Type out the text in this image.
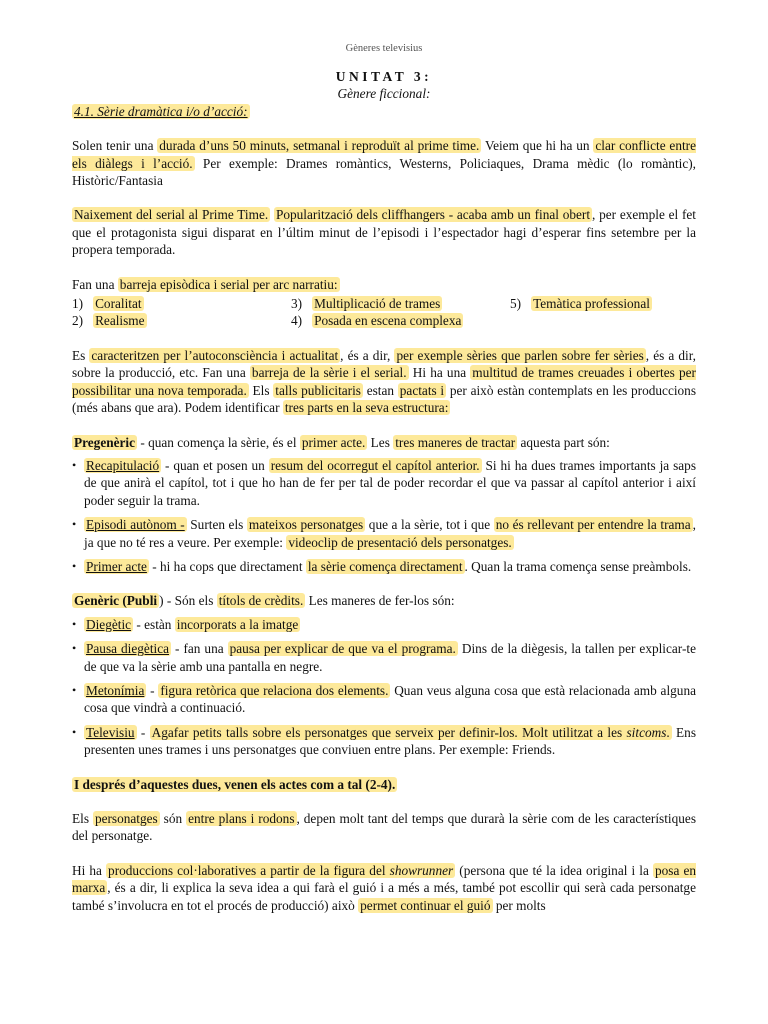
Gèneres televisius
UNITAT 3:
Gènere ficcional:
4.1. Sèrie dramàtica i/o d’acció:

Solen tenir una durada d’uns 50 minuts, setmanal i reproduït al prime time. Veiem que hi ha un clar conflicte entre els diàlegs i l’acció. Per exemple: Drames romàntics, Westerns, Policiaques, Drama mèdic (lo romàntic), Històric/Fantasia

Naixement del serial al Prime Time. Popularització dels cliffhangers - acaba amb un final obert , per exemple el fet que el protagonista sigui disparat en l’últim minut de l’episodi i l’espectador hagi d’esperar fins setembre per la propera temporada.

Fan una barreja episòdica i serial per arc narratiu:

1) Coralitat
2) Realisme
3) Multiplicació de trames
4) Posada en escena complexa
5) Temàtica professional

Es caracteritzen per l’autoconsciència i actualitat , és a dir, per exemple sèries que parlen sobre fer sèries , és a dir, sobre la producció, etc. Fan una barreja de la sèrie i el serial. Hi ha una multitud de trames creuades i obertes per possibilitar una nova temporada. Els talls publicitaris estan pactats i per això estàn contemplats en les produccions (més abans que ara). Podem identificar tres parts en la seva estructura:

Pregenèric - quan comença la sèrie, és el primer acte. Les tres maneres de tractar aquesta part són:

• Recapitulació - quan et posen un resum del ocorregut el capítol anterior. Si hi ha dues trames importants ja saps de que anirà el capítol, tot i que ho han de fer per tal de poder recordar el que va passar al capítol anterior i així poder seguir la trama.
• Episodi autònom - Surten els mateixos personatges que a la sèrie, tot i que no és rellevant per entendre la trama , ja que no té res a veure. Per exemple: videoclip de presentació dels personatges.
• Primer acte - hi ha cops que directament la sèrie comença directament . Quan la trama comença sense preàmbols.

Genèric (Publi ) - Són els títols de crèdits. Les maneres de fer-los són:

• Diegètic - estàn incorporats a la imatge
• Pausa diegètica - fan una pausa per explicar de que va el programa. Dins de la diègesis, la tallen per explicar-te de que va la sèrie amb una pantalla en negre.
• Metonímia - figura retòrica que relaciona dos elements. Quan veus alguna cosa que està relacionada amb alguna cosa que vindrà a continuació.
• Televisiu - Agafar petits talls sobre els personatges que serveix per definir-los. Molt utilitzat a les sitcoms. Ens presenten unes trames i uns personatges que conviuen entre plans. Per exemple: Friends.

I després d’aquestes dues, venen els actes com a tal (2-4).

Els personatges són entre plans i rodons , depen molt tant del temps que durarà la sèrie com de les característiques del personatge.

Hi ha produccions col·laboratives a partir de la figura del showrunner (persona que té la idea original i la posa en marxa , és a dir, li explica la seva idea a qui farà el guió i a més a més, també pot escollir qui serà cada personatge també s’involucra en tot el procés de producció) això permet continuar el guió per molts
